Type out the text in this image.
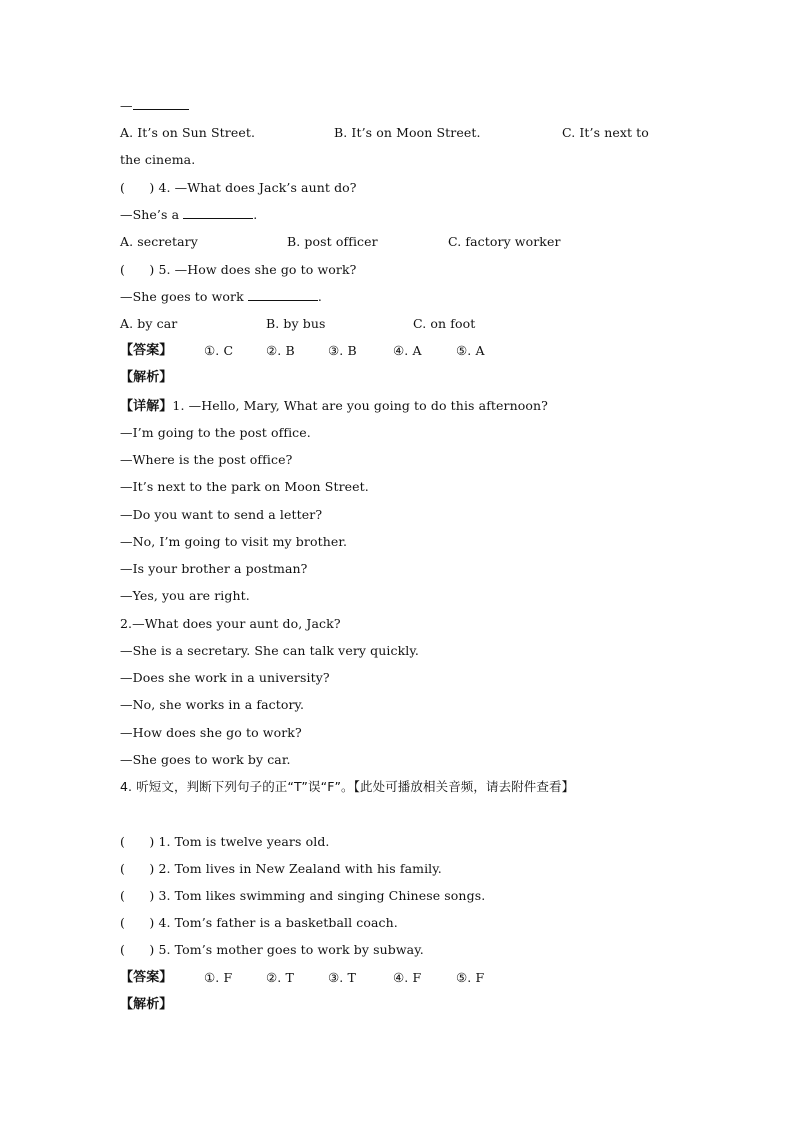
—

A. It’s on Sun Street.

	B. It’s on Moon Street.

	C. It’s next to

the cinema.
(      ) 4. —What does Jack’s aunt do?
—She’s a	.

A. secretary

	B. post officer

	C. factory worker

(      ) 5. —How does she go to work?
—She goes to work	.

A. by car

	B. by bus

	C. on foot

【答案】

	①. C

	②. B

	③. B

	④. A

	⑤. A

【解析】
【详解】1. —Hello, Mary, What are you going to do this afternoon?
—I’m going to the post office.
—Where is the post office?
—It’s next to the park on Moon Street.
—Do you want to send a letter?
—No, I’m going to visit my brother.
—Is your brother a postman?
—Yes, you are right.
2.—What does your aunt do, Jack?
—She is a secretary. She can talk very quickly.
—Does she work in a university?
—No, she works in a factory.
—How does she go to work?
—She goes to work by car.
4. 听短文，判断下列句子的正“T”误“F”。【此处可播放相关音频，请去附件查看】
(      ) 1. Tom is twelve years old.
(      ) 2. Tom lives in New Zealand with his family.
(      ) 3. Tom likes swimming and singing Chinese songs.
(      ) 4. Tom’s father is a basketball coach.
(      ) 5. Tom’s mother goes to work by subway.

【答案】

	①. F

	②. T

	③. T

	④. F

	⑤. F

【解析】
